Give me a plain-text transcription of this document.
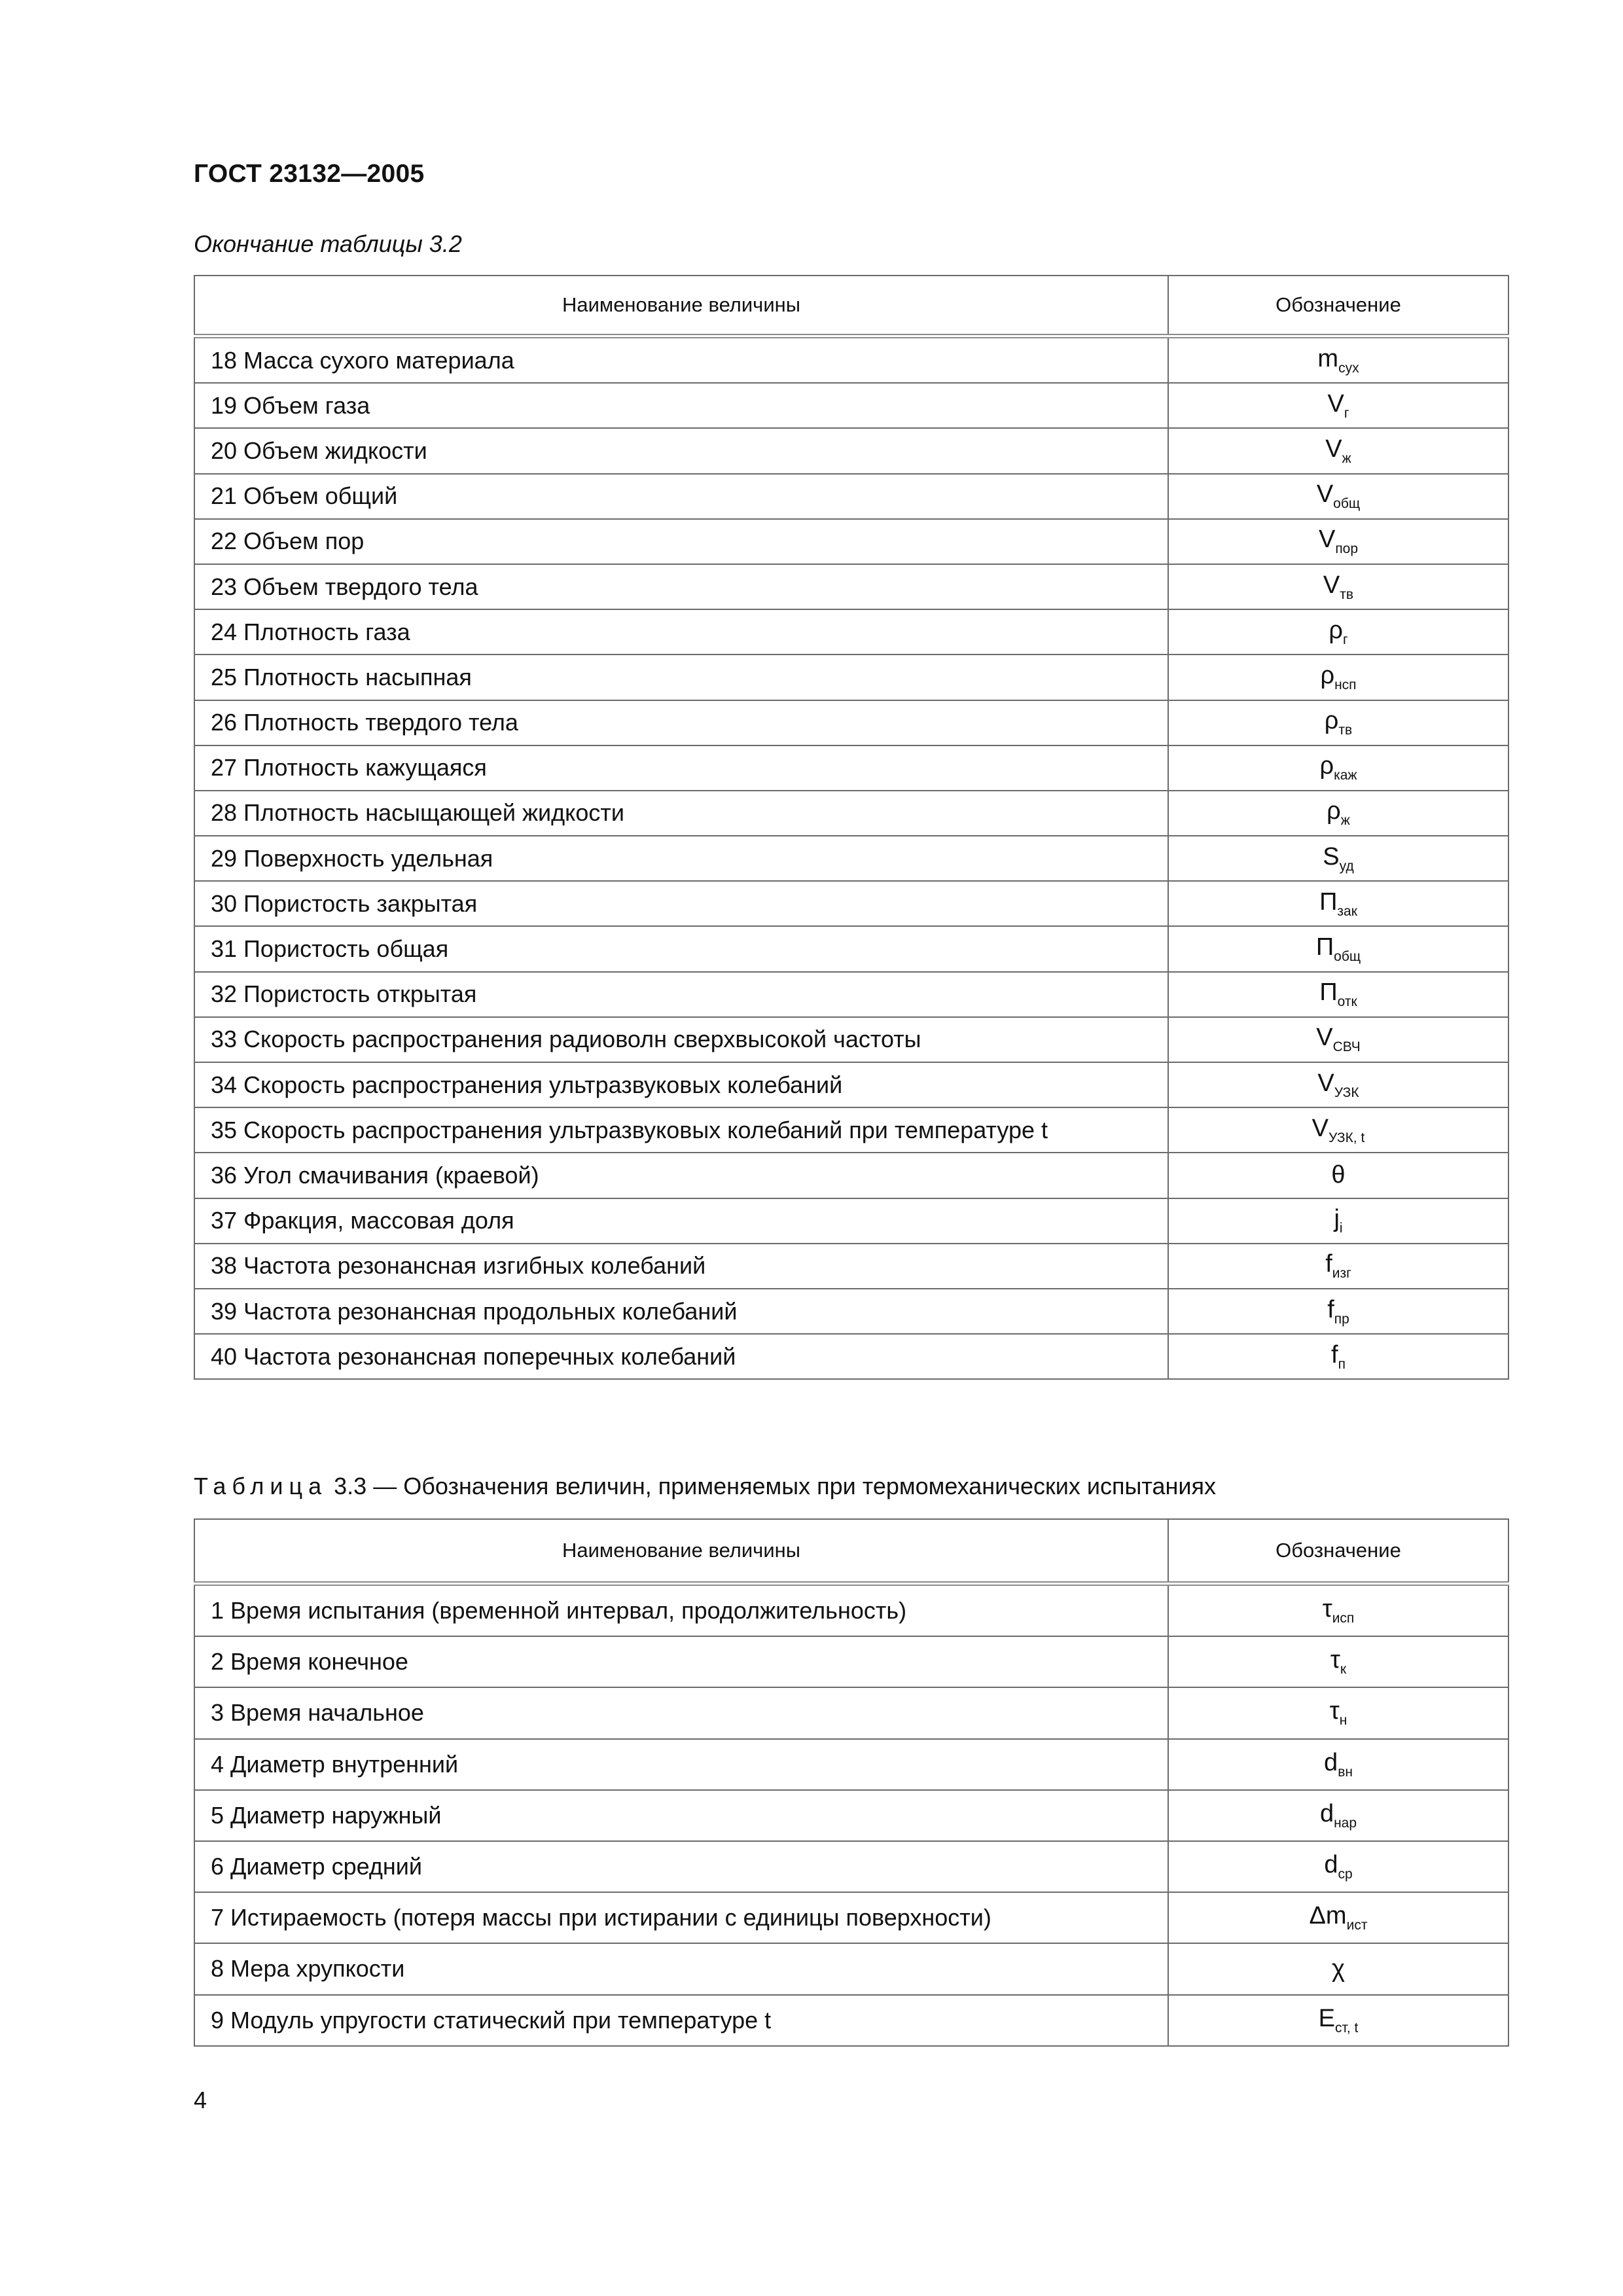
ГОСТ 23132—2005
Окончание таблицы 3.2
Наименование величины	Обозначение
18 Масса сухого материала	$m_{сух}$
19 Объем газа	$V_г$
20 Объем жидкости	$V_ж$
21 Объем общий	$V_{общ}$
22 Объем пор	$V_{пор}$
23 Объем твердого тела	$V_{тв}$
24 Плотность газа	$\rho_г$
25 Плотность насыпная	$\rho_{нсп}$
26 Плотность твердого тела	$\rho_{тв}$
27 Плотность кажущаяся	$\rho_{каж}$
28 Плотность насыщающей жидкости	$\rho_ж$
29 Поверхность удельная	$S_{уд}$
30 Пористость закрытая	$П_{зак}$
31 Пористость общая	$П_{общ}$
32 Пористость открытая	$П_{отк}$
33 Скорость распространения радиоволн сверхвысокой частоты	$V_{СВЧ}$
34 Скорость распространения ультразвуковых колебаний	$V_{УЗК}$
35 Скорость распространения ультразвуковых колебаний при температуре t	$V_{УЗК, t}$
36 Угол смачивания (краевой)	θ
37 Фракция, массовая доля	$j_i$
38 Частота резонансная изгибных колебаний	$f_{изг}$
39 Частота резонансная продольных колебаний	$f_{пр}$
40 Частота резонансная поперечных колебаний	$f_п$
Таблица 3.3 — Обозначения величин, применяемых при термомеханических испытаниях
Наименование величины	Обозначение
1 Время испытания (временной интервал, продолжительность)	$\tau_{исп}$
2 Время конечное	$\tau_к$
3 Время начальное	$\tau_н$
4 Диаметр внутренний	$d_{вн}$
5 Диаметр наружный	$d_{нар}$
6 Диаметр средний	$d_{ср}$
7 Истираемость (потеря массы при истирании с единицы поверхности)	$\Delta m_{ист}$
8 Мера хрупкости	χ
9 Модуль упругости статический при температуре t	$E_{ст, t}$
4
